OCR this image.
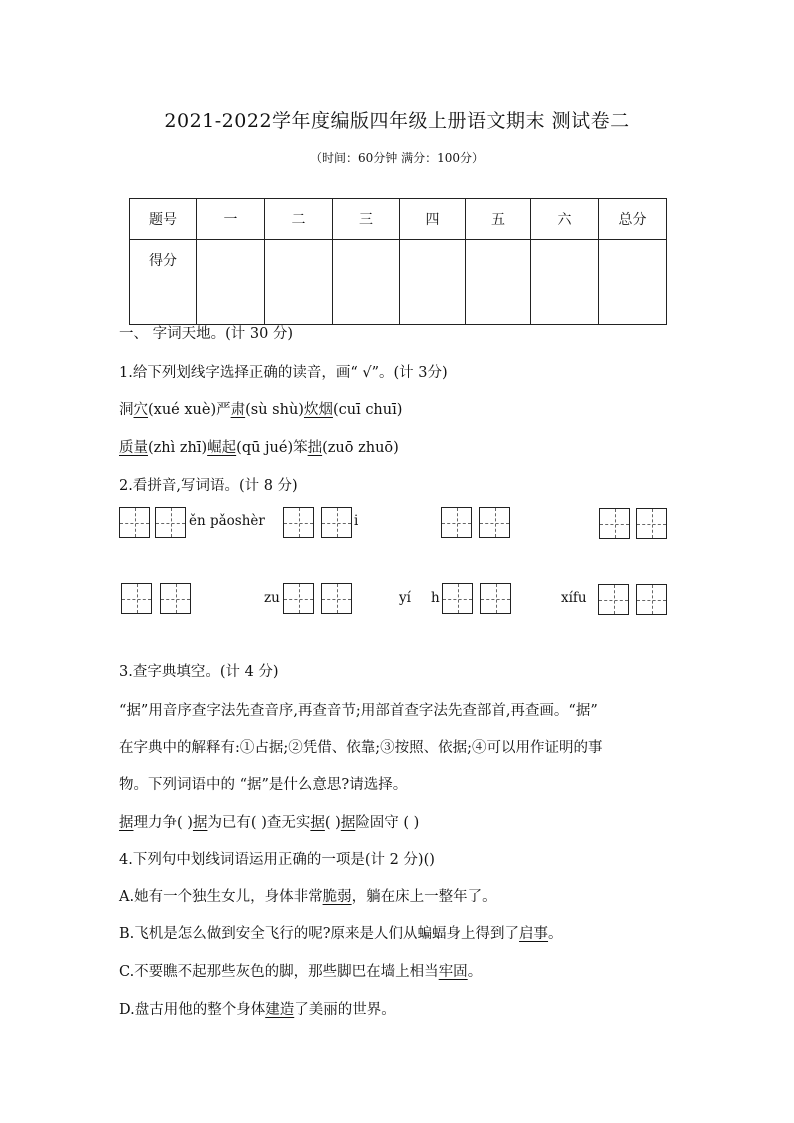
2021-2022学年度编版四年级上册语文期末 测试卷二
（时间：60分钟 满分：100分）
题号	一	二	三	四	五	六	总分
得分							
一、 字词天地。(计 30 分)
1.给下列划线字选择正确的读音，画“ √”。(计 3分)
洞穴(xué xuè)严肃(sù shù)炊烟(cuī chuī)
质量(zhì zhī)崛起(qū jué)笨拙(zuō zhuō)
2.看拼音,写词语。(计 8 分)
ěn pǎoshèr	i
zu	yí h	xífu
3.查字典填空。(计 4 分)
“据”用音序查字法先查音序,再查音节;用部首查字法先查部首,再查画。“据”
在字典中的解释有:①占据;②凭借、依靠;③按照、依据;④可以用作证明的事
物。下列词语中的 “据”是什么意思?请选择。
据理力争( )据为已有( )查无实据( )据险固守 ( )
4.下列句中划线词语运用正确的一项是(计 2 分)()
A.她有一个独生女儿，身体非常脆弱，躺在床上一整年了。
B.飞机是怎么做到安全飞行的呢?原来是人们从蝙蝠身上得到了启事。
C.不要瞧不起那些灰色的脚，那些脚巴在墙上相当牢固。
D.盘古用他的整个身体建造了美丽的世界。
